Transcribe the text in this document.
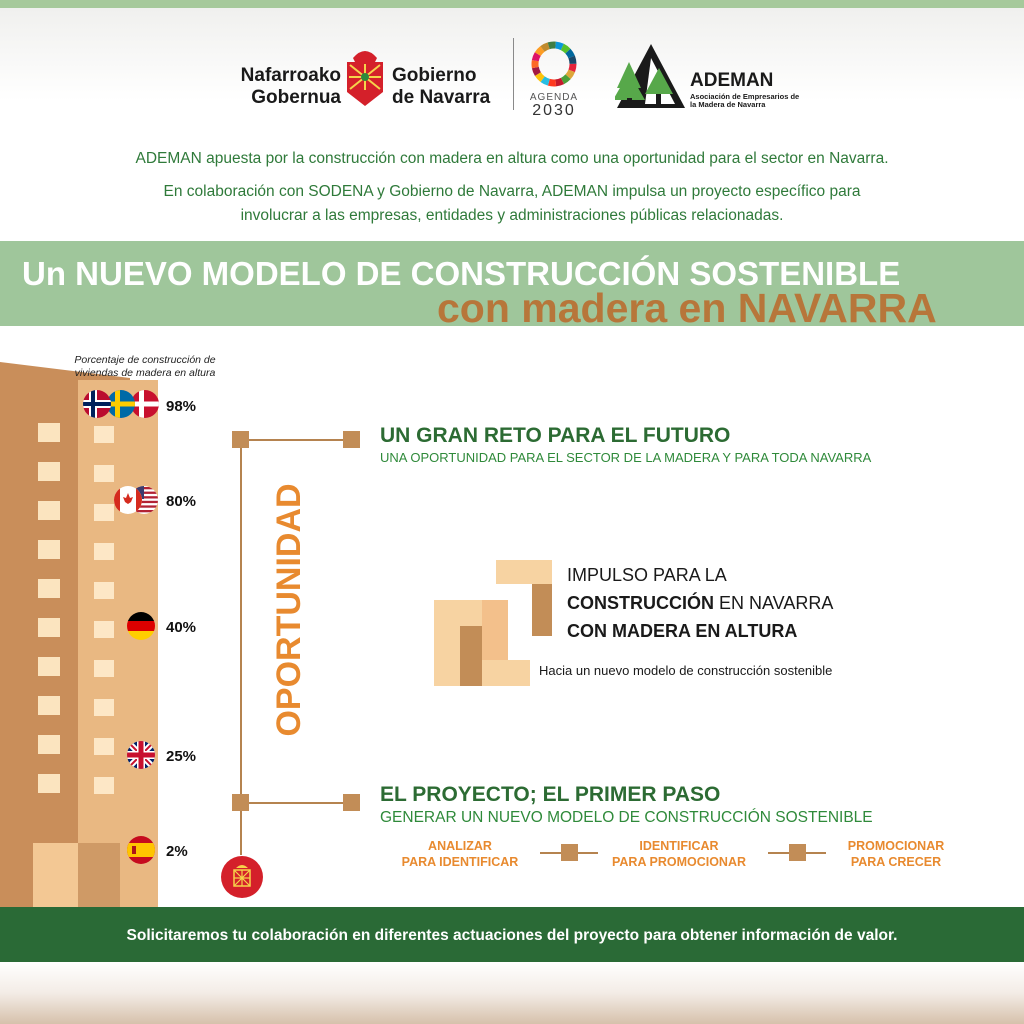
Nafarroako
Gobernua
Gobierno
de Navarra	AGENDA
2030
ADEMAN
Asociación de Empresarios de la Madera de Navarra
ADEMAN apuesta por la construcción con madera en altura como una oportunidad para el sector en Navarra.
En colaboración con SODENA y Gobierno de Navarra, ADEMAN impulsa un proyecto específico para
involucrar a las empresas, entidades y administraciones públicas relacionadas.
Un NUEVO MODELO DE CONSTRUCCIÓN SOSTENIBLE
con madera en NAVARRA
Porcentaje de construcción de viviendas de madera en altura
98%
80%
40%
25%
2%
OPORTUNIDAD
UN GRAN RETO PARA EL FUTURO
UNA OPORTUNIDAD PARA EL SECTOR DE LA MADERA Y PARA TODA NAVARRA
IMPULSO PARA LA
CONSTRUCCIÓN EN NAVARRA
CON MADERA EN ALTURA
Hacia un nuevo modelo de construcción sostenible
EL PROYECTO; EL PRIMER PASO
GENERAR UN NUEVO MODELO DE CONSTRUCCIÓN SOSTENIBLE
ANALIZAR
PARA IDENTIFICAR
IDENTIFICAR
PARA PROMOCIONAR
PROMOCIONAR
PARA CRECER
Solicitaremos tu colaboración en diferentes actuaciones del proyecto para obtener información de valor.
